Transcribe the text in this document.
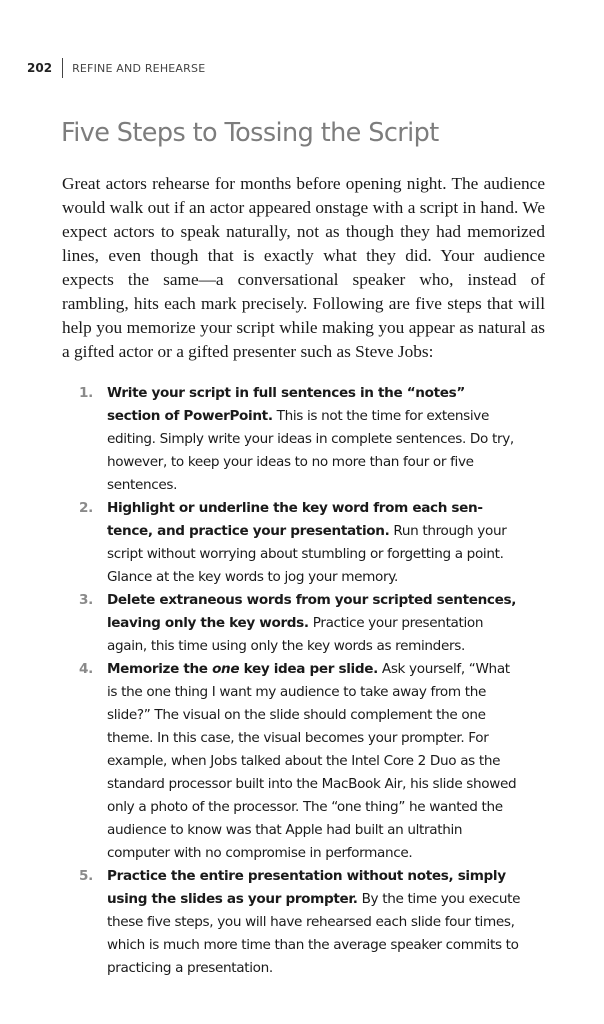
202 REFINE AND REHEARSE
Five Steps to Tossing the Script

Great actors rehearse for months before opening night. The audience would walk out if an actor appeared onstage with a script in hand. We expect actors to speak naturally, not as though they had memorized lines, even though that is exactly what they did. Your audience expects the same—a conversational speaker who, instead of rambling, hits each mark precisely. Following are five steps that will help you memorize your script while making you appear as natural as a gifted actor or a gifted presenter such as Steve Jobs:

1. Write your script in full sentences in the “notes” section of PowerPoint. This is not the time for extensive editing. Simply write your ideas in complete sentences. Do try, however, to keep your ideas to no more than four or five sentences.
2. Highlight or underline the key word from each sentence, and practice your presentation. Run through your script without worrying about stumbling or forgetting a point. Glance at the key words to jog your memory.
3. Delete extraneous words from your scripted sentences, leaving only the key words. Practice your presentation again, this time using only the key words as reminders.
4. Memorize the one key idea per slide. Ask yourself, “What is the one thing I want my audience to take away from the slide?” The visual on the slide should complement the one theme. In this case, the visual becomes your prompter. For example, when Jobs talked about the Intel Core 2 Duo as the standard processor built into the MacBook Air, his slide showed only a photo of the processor. The “one thing” he wanted the audience to know was that Apple had built an ultrathin computer with no compromise in performance.
5. Practice the entire presentation without notes, simply using the slides as your prompter. By the time you execute these five steps, you will have rehearsed each slide four times, which is much more time than the average speaker commits to practicing a presentation.
